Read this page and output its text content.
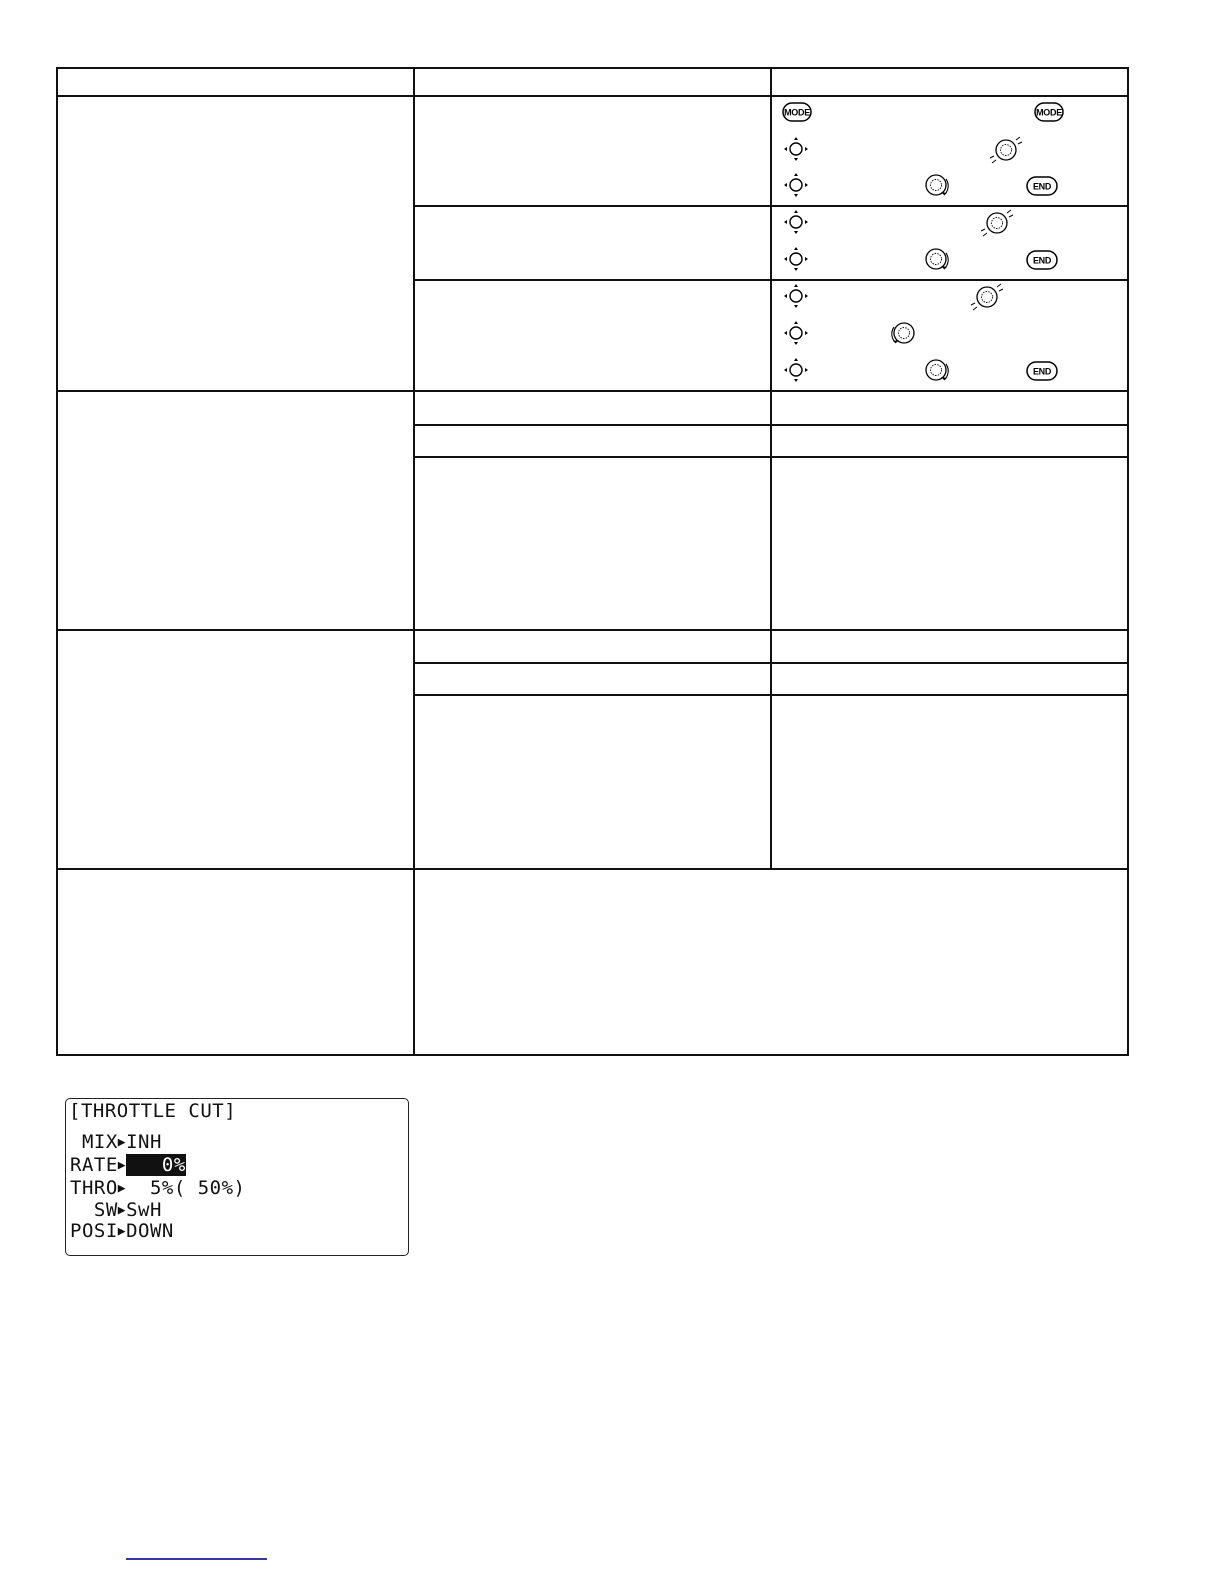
MODE	MODE
END
END
END
[THROTTLE CUT]
MIX▶INH
RATE▶   0%
THRO▶  5%( 50%)
SW▶SwH
POSI▶DOWN
